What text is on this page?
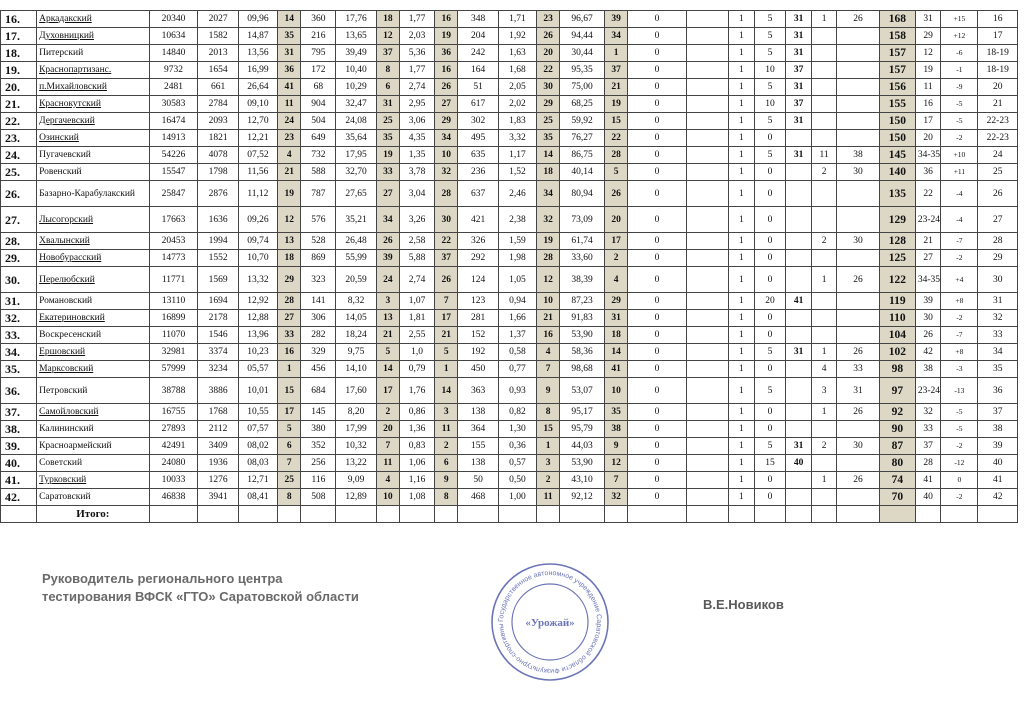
16.	Аркадакский	20340	2027	09,96	14	360	17,76	18	1,77	16	348	1,71	23	96,67	39	0		1	5	31	1	26	168	31	+15	16
17.	Духовницкий	10634	1582	14,87	35	216	13,65	12	2,03	19	204	1,92	26	94,44	34	0		1	5	31			158	29	+12	17
18.	Питерский	14840	2013	13,56	31	795	39,49	37	5,36	36	242	1,63	20	30,44	1	0		1	5	31			157	12	-6	18-19
19.	Краснопартизанс.	9732	1654	16,99	36	172	10,40	8	1,77	16	164	1,68	22	95,35	37	0		1	10	37			157	19	-1	18-19
20.	п.Михайловский	2481	661	26,64	41	68	10,29	6	2,74	26	51	2,05	30	75,00	21	0		1	5	31			156	11	-9	20
21.	Краснокутский	30583	2784	09,10	11	904	32,47	31	2,95	27	617	2,02	29	68,25	19	0		1	10	37			155	16	-5	21
22.	Дергачевский	16474	2093	12,70	24	504	24,08	25	3,06	29	302	1,83	25	59,92	15	0		1	5	31			150	17	-5	22-23
23.	Озинский	14913	1821	12,21	23	649	35,64	35	4,35	34	495	3,32	35	76,27	22	0		1	0				150	20	-2	22-23
24.	Пугачевский	54226	4078	07,52	4	732	17,95	19	1,35	10	635	1,17	14	86,75	28	0		1	5	31	11	38	145	34-35	+10	24
25.	Ровенский	15547	1798	11,56	21	588	32,70	33	3,78	32	236	1,52	18	40,14	5	0		1	0		2	30	140	36	+11	25
26.	Базарно-Карабулакский	25847	2876	11,12	19	787	27,65	27	3,04	28	637	2,46	34	80,94	26	0		1	0				135	22	-4	26
27.	Лысогорский	17663	1636	09,26	12	576	35,21	34	3,26	30	421	2,38	32	73,09	20	0		1	0				129	23-24	-4	27
28.	Хвалынский	20453	1994	09,74	13	528	26,48	26	2,58	22	326	1,59	19	61,74	17	0		1	0		2	30	128	21	-7	28
29.	Новобурасский	14773	1552	10,70	18	869	55,99	39	5,88	37	292	1,98	28	33,60	2	0		1	0				125	27	-2	29
30.	Перелюбский	11771	1569	13,32	29	323	20,59	24	2,74	26	124	1,05	12	38,39	4	0		1	0		1	26	122	34-35	+4	30
31.	Романовский	13110	1694	12,92	28	141	8,32	3	1,07	7	123	0,94	10	87,23	29	0		1	20	41			119	39	+8	31
32.	Екатериновский	16899	2178	12,88	27	306	14,05	13	1,81	17	281	1,66	21	91,83	31	0		1	0				110	30	-2	32
33.	Воскресенский	11070	1546	13,96	33	282	18,24	21	2,55	21	152	1,37	16	53,90	18	0		1	0				104	26	-7	33
34.	Ершовский	32981	3374	10,23	16	329	9,75	5	1,0	5	192	0,58	4	58,36	14	0		1	5	31	1	26	102	42	+8	34
35.	Марксовский	57999	3234	05,57	1	456	14,10	14	0,79	1	450	0,77	7	98,68	41	0		1	0		4	33	98	38	-3	35
36.	Петровский	38788	3886	10,01	15	684	17,60	17	1,76	14	363	0,93	9	53,07	10	0		1	5		3	31	97	23-24	-13	36
37.	Самойловский	16755	1768	10,55	17	145	8,20	2	0,86	3	138	0,82	8	95,17	35	0		1	0		1	26	92	32	-5	37
38.	Калининский	27893	2112	07,57	5	380	17,99	20	1,36	11	364	1,30	15	95,79	38	0		1	0				90	33	-5	38
39.	Красноармейский	42491	3409	08,02	6	352	10,32	7	0,83	2	155	0,36	1	44,03	9	0		1	5	31	2	30	87	37	-2	39
40.	Советский	24080	1936	08,03	7	256	13,22	11	1,06	6	138	0,57	3	53,90	12	0		1	15	40			80	28	-12	40
41.	Турковский	10033	1276	12,71	25	116	9,09	4	1,16	9	50	0,50	2	43,10	7	0		1	0		1	26	74	41	0	41
42.	Саратовский	46838	3941	08,41	8	508	12,89	10	1,08	8	468	1,00	11	92,12	32	0		1	0				70	40	-2	42
	Итого:																									
Руководитель регионального центра
тестирования ВФСК «ГТО» Саратовской области
Государственное автономное учреждение Саратовской области Физкультурно-спортивны	«Урожай»
В.Е.Новиков
